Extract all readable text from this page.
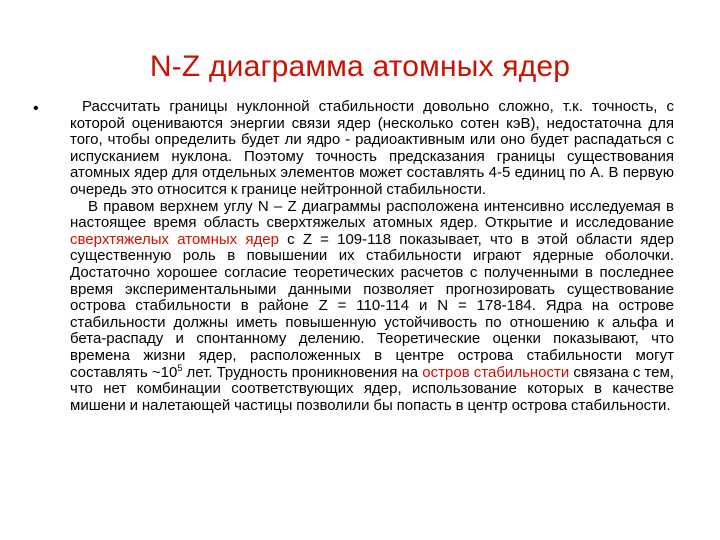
N-Z диаграмма атомных ядер
•	Рассчитать границы нуклонной стабильности довольно сложно, т.к. точность, с которой оцениваются энергии связи ядер (несколько сотен кэВ), недостаточна для того, чтобы определить будет ли ядро - радиоактивным или оно будет распадаться с испусканием нуклона. Поэтому точность предсказания границы существования атомных ядер для отдельных элементов может составлять 4-5 единиц по А. В первую очередь это относится к границе нейтронной стабильности.

В правом верхнем углу N – Z диаграммы расположена интенсивно исследуемая в настоящее время область сверхтяжелых атомных ядер. Открытие и исследование сверхтяжелых атомных ядер с Z = 109-118 показывает, что в этой области ядер существенную роль в повышении их стабильности играют ядерные оболочки. Достаточно хорошее согласие теоретических расчетов с полученными в последнее время экспериментальными данными позволяет прогнозировать существование острова стабильности в районе Z = 110-114 и N = 178-184. Ядра на острове стабильности должны иметь повышенную устойчивость по отношению к альфа и бета-распаду и спонтанному делению. Теоретические оценки показывают, что времена жизни ядер, расположенных в центре острова стабильности могут составлять $\sim 10^5$ лет. Трудность проникновения на остров стабильности связана с тем, что нет комбинации соответствующих ядер, использование которых в качестве мишени и налетающей частицы позволили бы попасть в центр острова стабильности.
